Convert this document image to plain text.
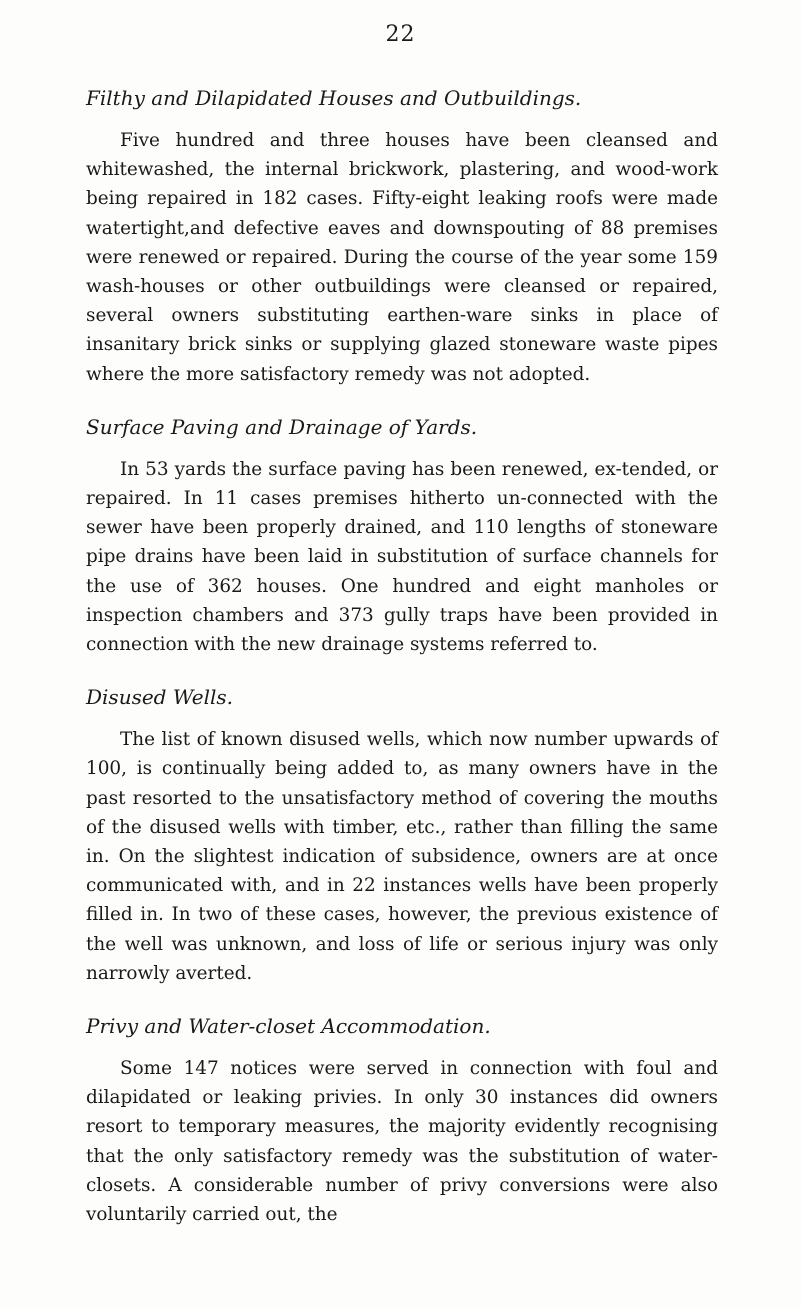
22
Filthy and Dilapidated Houses and Outbuildings.

Five hundred and three houses have been cleansed and whitewashed, the internal brickwork, plastering, and wood-work being repaired in 182 cases. Fifty-eight leaking roofs were made watertight,and defective eaves and downspouting of 88 premises were renewed or repaired. During the course of the year some 159 wash-houses or other outbuildings were cleansed or repaired, several owners substituting earthen-ware sinks in place of insanitary brick sinks or supplying glazed stoneware waste pipes where the more satisfactory remedy was not adopted.

Surface Paving and Drainage of Yards.

In 53 yards the surface paving has been renewed, ex-tended, or repaired. In 11 cases premises hitherto un-connected with the sewer have been properly drained, and 110 lengths of stoneware pipe drains have been laid in substitution of surface channels for the use of 362 houses. One hundred and eight manholes or inspection chambers and 373 gully traps have been provided in connection with the new drainage systems referred to.

Disused Wells.

The list of known disused wells, which now number upwards of 100, is continually being added to, as many owners have in the past resorted to the unsatisfactory method of covering the mouths of the disused wells with timber, etc., rather than filling the same in. On the slightest indication of subsidence, owners are at once communicated with, and in 22 instances wells have been properly filled in. In two of these cases, however, the previous existence of the well was unknown, and loss of life or serious injury was only narrowly averted.

Privy and Water-closet Accommodation.

Some 147 notices were served in connection with foul and dilapidated or leaking privies. In only 30 instances did owners resort to temporary measures, the majority evidently recognising that the only satisfactory remedy was the substitution of water-closets. A considerable number of privy conversions were also voluntarily carried out, the
